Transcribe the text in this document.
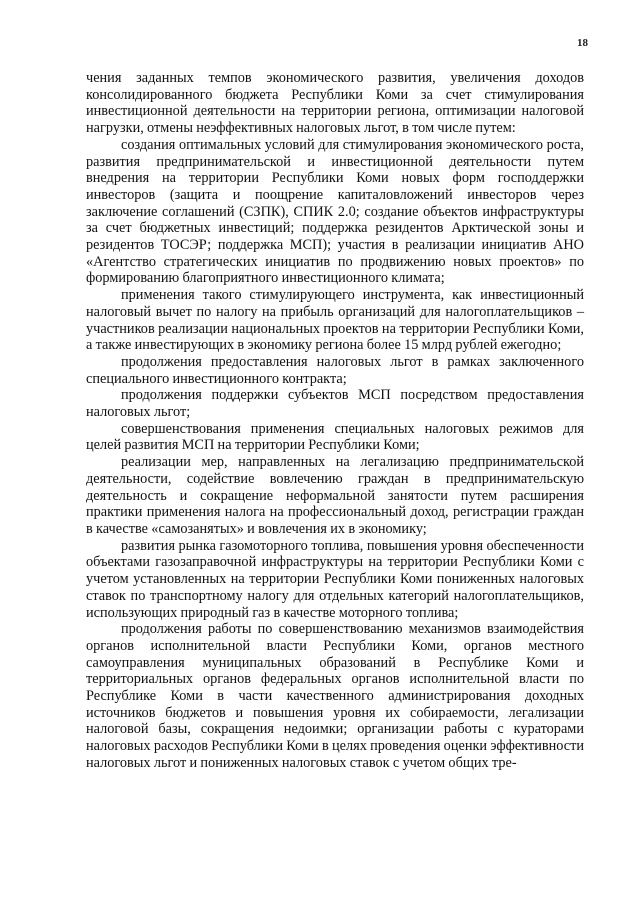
18

чения заданных темпов экономического развития, увеличения доходов консолидированного бюджета Республики Коми за счет стимулирования инвестиционной деятельности на территории региона, оптимизации налоговой нагрузки, отмены неэффективных налоговых льгот, в том числе путем:

создания оптимальных условий для стимулирования экономического роста, развития предпринимательской и инвестиционной деятельности путем внедрения на территории Республики Коми новых форм господдержки инвесторов (защита и поощрение капиталовложений инвесторов через заключение соглашений (СЗПК), СПИК 2.0; создание объектов инфраструктуры за счет бюджетных инвестиций; поддержка резидентов Арктической зоны и резидентов ТОСЭР; поддержка МСП); участия в реализации инициатив АНО «Агентство стратегических инициатив по продвижению новых проектов» по формированию благоприятного инвестиционного климата;

применения такого стимулирующего инструмента, как инвестиционный налоговый вычет по налогу на прибыль организаций для налогоплательщиков – участников реализации национальных проектов на территории Республики Коми, а также инвестирующих в экономику региона более 15 млрд рублей ежегодно;

продолжения предоставления налоговых льгот в рамках заключенного специального инвестиционного контракта;

продолжения поддержки субъектов МСП посредством предоставления налоговых льгот;

совершенствования применения специальных налоговых режимов для целей развития МСП на территории Республики Коми;

реализации мер, направленных на легализацию предпринимательской деятельности, содействие вовлечению граждан в предпринимательскую деятельность и сокращение неформальной занятости путем расширения практики применения налога на профессиональный доход, регистрации граждан в качестве «самозанятых» и вовлечения их в экономику;

развития рынка газомоторного топлива, повышения уровня обеспеченности объектами газозаправочной инфраструктуры на территории Республики Коми с учетом установленных на территории Республики Коми пониженных налоговых ставок по транспортному налогу для отдельных категорий налогоплательщиков, использующих природный газ в качестве моторного топлива;

продолжения работы по совершенствованию механизмов взаимодействия органов исполнительной власти Республики Коми, органов местного самоуправления муниципальных образований в Республике Коми и территориальных органов федеральных органов исполнительной власти по Республике Коми в части качественного администрирования доходных источников бюджетов и повышения уровня их собираемости, легализации налоговой базы, сокращения недоимки; организации работы с кураторами налоговых расходов Республики Коми в целях проведения оценки эффективности налоговых льгот и пониженных налоговых ставок с учетом общих тре-
